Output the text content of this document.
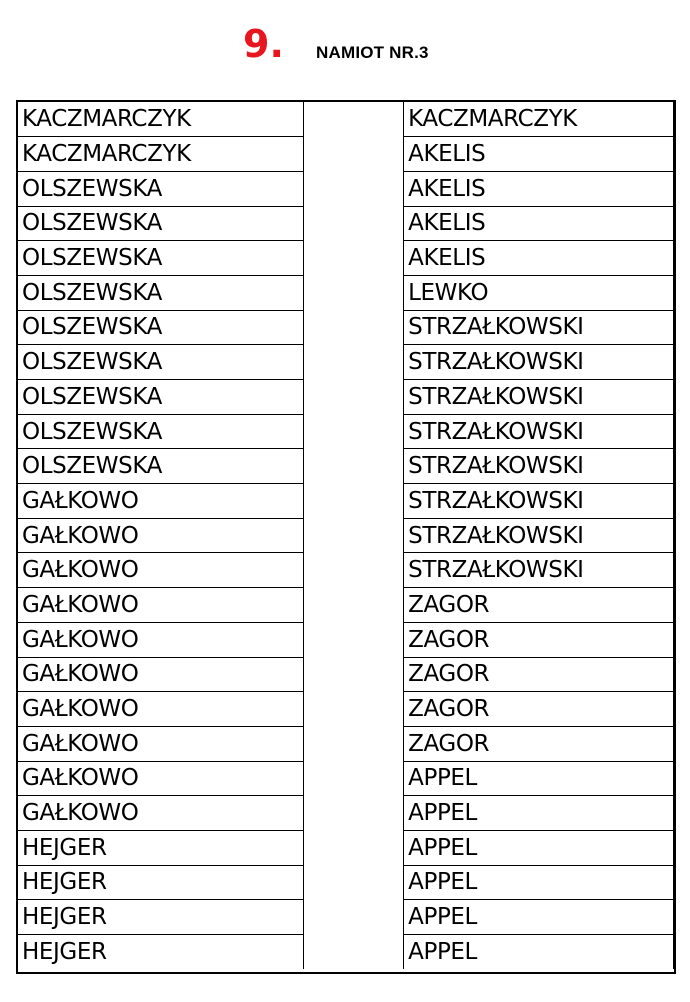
9. NAMIOT NR.3
KACZMARCZYK		KACZMARCZYK
KACZMARCZYK		AKELIS
OLSZEWSKA		AKELIS
OLSZEWSKA		AKELIS
OLSZEWSKA		AKELIS
OLSZEWSKA		LEWKO
OLSZEWSKA		STRZAŁKOWSKI
OLSZEWSKA		STRZAŁKOWSKI
OLSZEWSKA		STRZAŁKOWSKI
OLSZEWSKA		STRZAŁKOWSKI
OLSZEWSKA		STRZAŁKOWSKI
GAŁKOWO		STRZAŁKOWSKI
GAŁKOWO		STRZAŁKOWSKI
GAŁKOWO		STRZAŁKOWSKI
GAŁKOWO		ZAGOR
GAŁKOWO		ZAGOR
GAŁKOWO		ZAGOR
GAŁKOWO		ZAGOR
GAŁKOWO		ZAGOR
GAŁKOWO		APPEL
GAŁKOWO		APPEL
HEJGER		APPEL
HEJGER		APPEL
HEJGER		APPEL
HEJGER		APPEL
